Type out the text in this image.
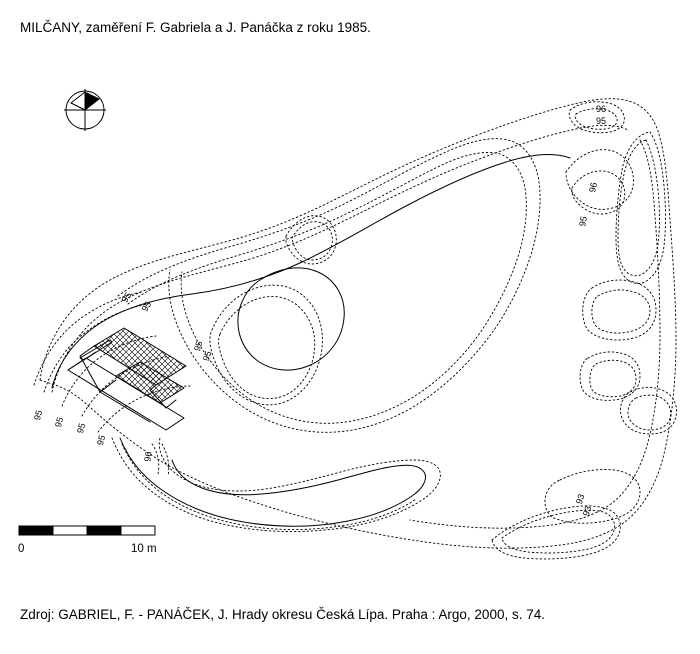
MILČANY, zaměření F. Gabriela a J. Panáčka z roku 1985.
96
95
96
95
95
95
95
95
95
95 95
95
96
93
93
0	10 m
Zdroj: GABRIEL, F. - PANÁČEK, J. Hrady okresu Česká Lípa. Praha : Argo, 2000, s. 74.
